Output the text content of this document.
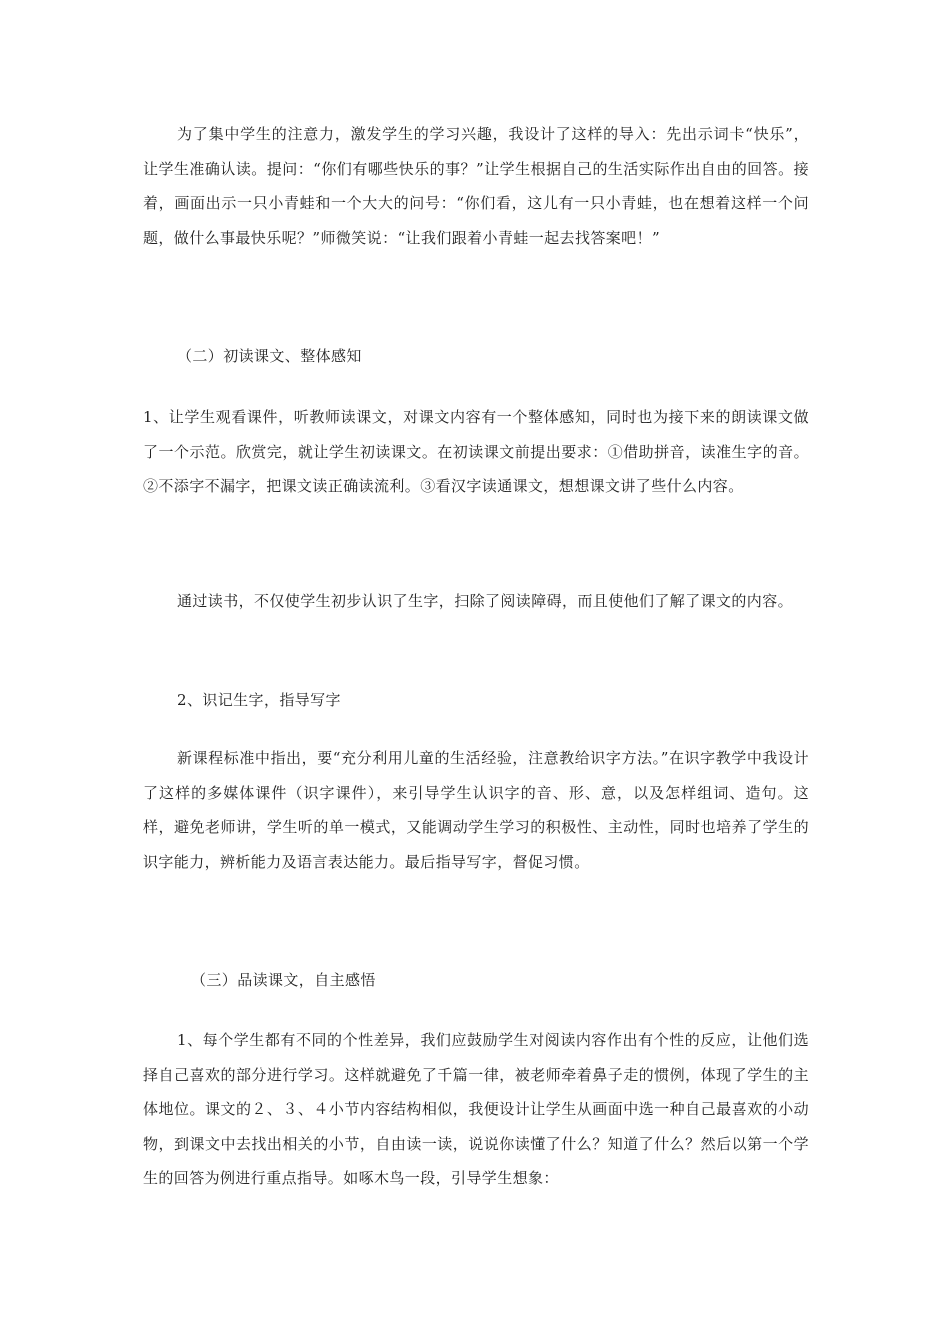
为了集中学生的注意力，激发学生的学习兴趣，我设计了这样的导入：先出示词卡“快乐”，让学生准确认读。提问：“你们有哪些快乐的事？”让学生根据自己的生活实际作出自由的回答。接着，画面出示一只小青蛙和一个大大的问号：“你们看，这儿有一只小青蛙，也在想着这样一个问题，做什么事最快乐呢？”师微笑说：“让我们跟着小青蛙一起去找答案吧！”

（二）初读课文、整体感知

1、让学生观看课件，听教师读课文，对课文内容有一个整体感知，同时也为接下来的朗读课文做了一个示范。欣赏完，就让学生初读课文。在初读课文前提出要求：①借助拼音，读准生字的音。②不添字不漏字，把课文读正确读流利。③看汉字读通课文，想想课文讲了些什么内容。

通过读书，不仅使学生初步认识了生字，扫除了阅读障碍，而且使他们了解了课文的内容。

2、识记生字，指导写字

新课程标准中指出，要“充分利用儿童的生活经验，注意教给识字方法。”在识字教学中我设计了这样的多媒体课件（识字课件），来引导学生认识字的音、形、意，以及怎样组词、造句。这样，避免老师讲，学生听的单一模式，又能调动学生学习的积极性、主动性，同时也培养了学生的识字能力，辨析能力及语言表达能力。最后指导写字，督促习惯。

（三）品读课文，自主感悟

1、每个学生都有不同的个性差异，我们应鼓励学生对阅读内容作出有个性的反应，让他们选择自己喜欢的部分进行学习。这样就避免了千篇一律，被老师牵着鼻子走的惯例，体现了学生的主体地位。课文的２、３、４小节内容结构相似，我便设计让学生从画面中选一种自己最喜欢的小动物，到课文中去找出相关的小节，自由读一读，说说你读懂了什么？知道了什么？然后以第一个学生的回答为例进行重点指导。如啄木鸟一段，引导学生想象：
